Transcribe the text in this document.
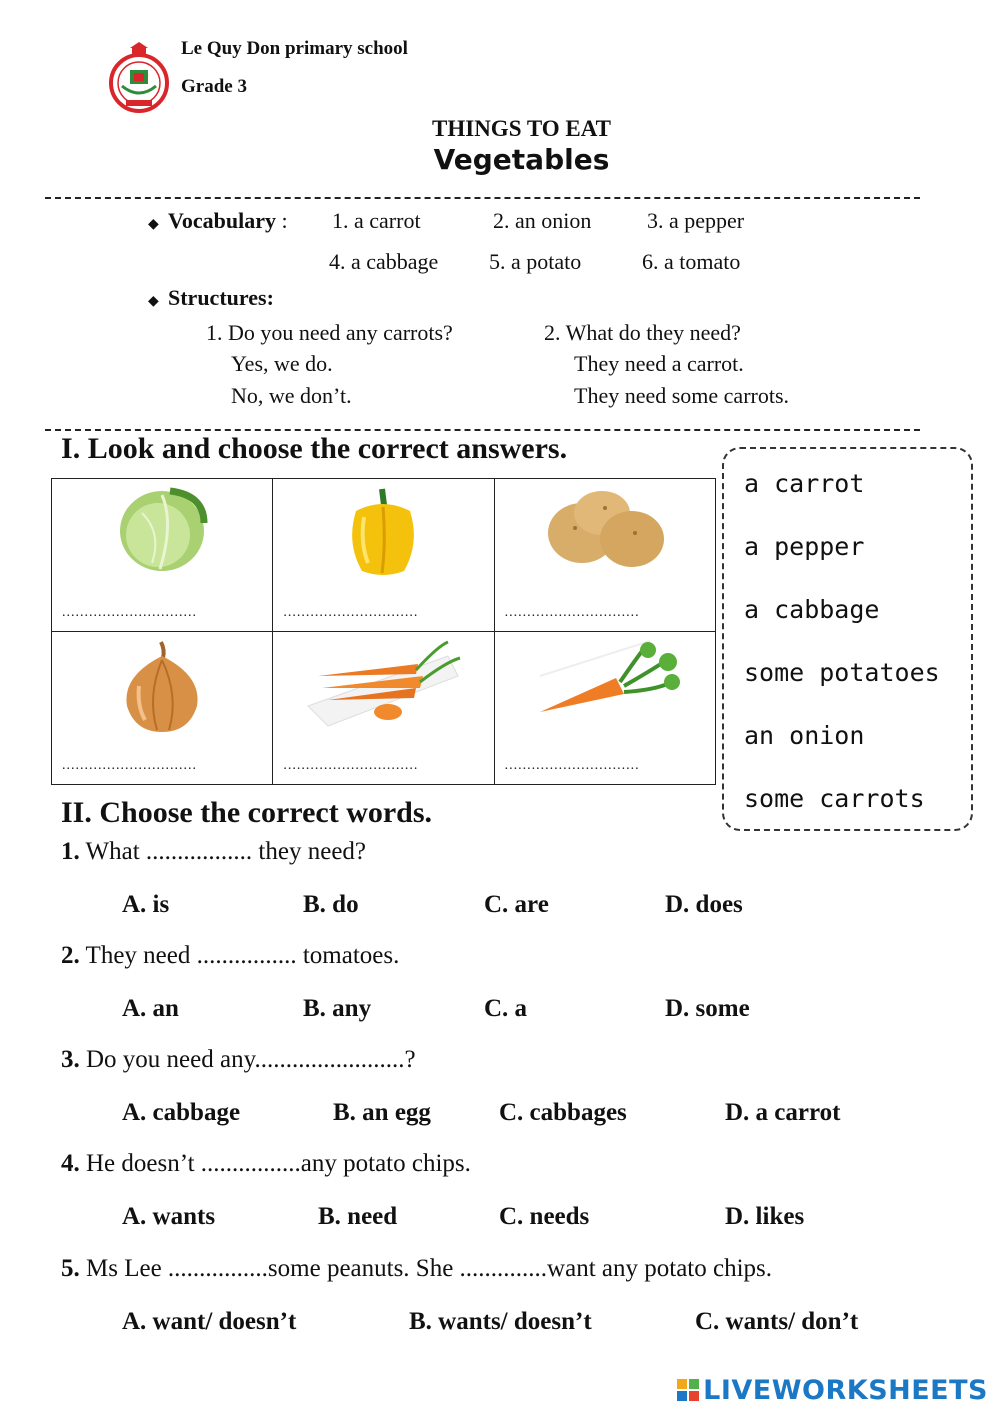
Le Quy Don primary school
Grade 3
THINGS TO EAT
Vegetables
◆ Vocabulary : 1. a carrot	2. an onion	3. a pepper
4. a cabbage 5. a potato	6. a tomato
◆ Structures:
1. Do you need any carrots?
Yes, we do.
No, we don’t.
2. What do they need?
They need a carrot.
They need some carrots.
I. Look and choose the correct answers.
..............................	..............................	..............................

..............................	..............................	..............................
a carrot
a pepper
a cabbage
some potatoes
an onion
some carrots
II. Choose the correct words.
1. What ................. they need?
A. is	B. do	C. are	D. does
2. They need ................ tomatoes.
A. an	B. any	C. a	D. some
3. Do you need any........................?
A. cabbage	B. an egg	C. cabbages	D. a carrot
4. He doesn’t ................any potato chips.
A. wants	B. need	C. needs	D. likes
5. Ms Lee ................some peanuts. She ..............want any potato chips.
A. want/ doesn’t	B. wants/ doesn’t	C. wants/ don’t
LIVEWORKSHEETS
